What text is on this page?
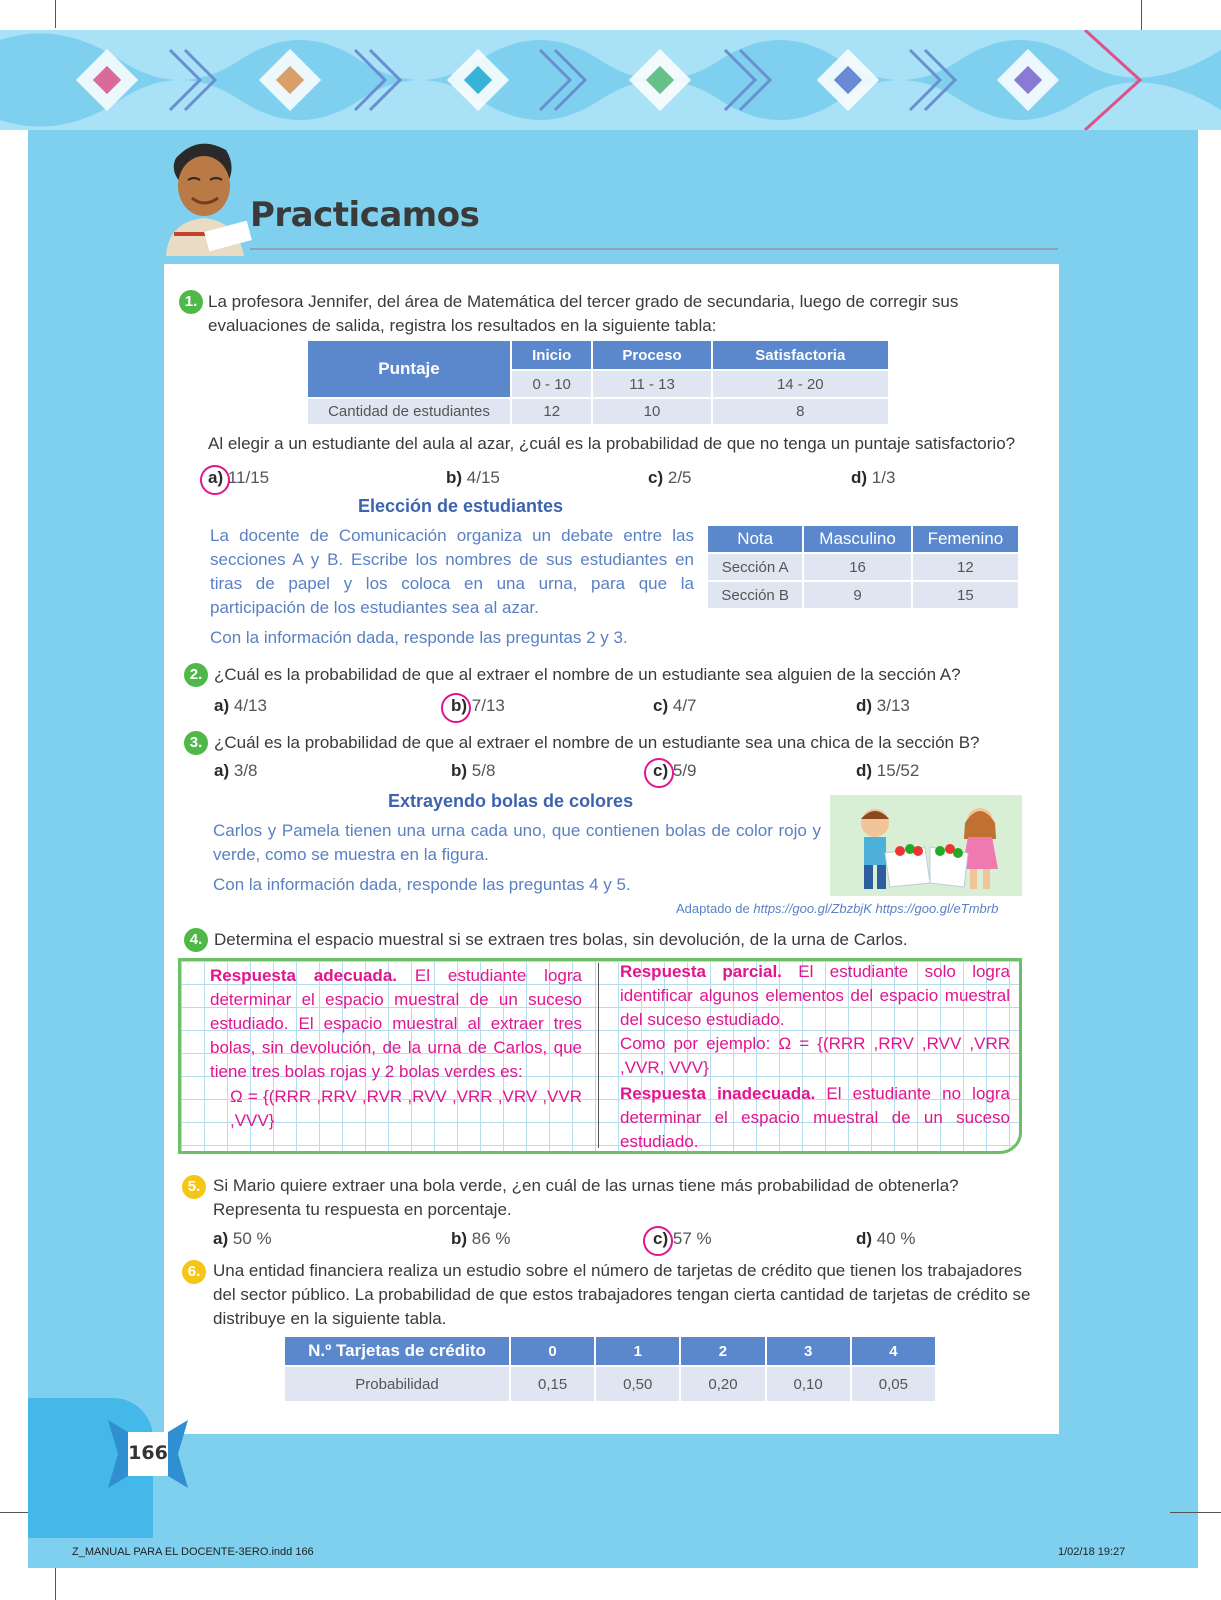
Practicamos
1. La profesora Jennifer, del área de Matemática del tercer grado de secundaria, luego de corregir sus evaluaciones de salida, registra los resultados en la siguiente tabla:
Puntaje	Inicio	Proceso	Satisfactoria
	0 - 10	11 - 13	14 - 20
Cantidad de estudiantes	12	10	8
Al elegir a un estudiante del aula al azar, ¿cuál es la probabilidad de que no tenga un puntaje satisfactorio?
a) 11/15	b) 4/15	c) 2/5	d) 1/3
Elección de estudiantes
La docente de Comunicación organiza un debate entre las secciones A y B. Escribe los nombres de sus estudiantes en tiras de papel y los coloca en una urna, para que la participación de los estudiantes sea al azar.
Con la información dada, responde las preguntas 2 y 3.
Nota	Masculino	Femenino
Sección A	16	12
Sección B	9	15
2. ¿Cuál es la probabilidad de que al extraer el nombre de un estudiante sea alguien de la sección A?
a) 4/13	b) 7/13	c) 4/7	d) 3/13
3. ¿Cuál es la probabilidad de que al extraer el nombre de un estudiante sea una chica de la sección B?
a) 3/8	b) 5/8	c) 5/9	d) 15/52
Extrayendo bolas de colores
Carlos y Pamela tienen una urna cada uno, que contienen bolas de color rojo y verde, como se muestra en la figura.
Con la información dada, responde las preguntas 4 y 5.
Adaptado de https://goo.gl/ZbzbjK https://goo.gl/eTmbrb
4. Determina el espacio muestral si se extraen tres bolas, sin devolución, de la urna de Carlos.
Respuesta adecuada. El estudiante logra determinar el espacio muestral de un suceso estudiado. El espacio muestral al extraer tres bolas, sin devolución, de la urna de Carlos, que tiene tres bolas rojas y 2 bolas verdes es:
Ω = {(RRR ,RRV ,RVR ,RVV ,VRR ,VRV ,VVR ,VVV}
Respuesta parcial. El estudiante solo logra identificar algunos elementos del espacio muestral del suceso estudiado.
Como por ejemplo: Ω = {(RRR ,RRV ,RVV ,VRR ,VVR, VVV}
Respuesta inadecuada. El estudiante no logra determinar el espacio muestral de un suceso estudiado.
5. Si Mario quiere extraer una bola verde, ¿en cuál de las urnas tiene más probabilidad de obtenerla? Representa tu respuesta en porcentaje.
a) 50 %	b) 86 %	c) 57 %	d) 40 %
6. Una entidad financiera realiza un estudio sobre el número de tarjetas de crédito que tienen los trabajadores del sector público. La probabilidad de que estos trabajadores tengan cierta cantidad de tarjetas de crédito se distribuye en la siguiente tabla.
N.º Tarjetas de crédito	0	1	2	3	4
Probabilidad	0,15	0,50	0,20	0,10	0,05
166
Z_MANUAL PARA EL DOCENTE-3ERO.indd 166	1/02/18 19:27
